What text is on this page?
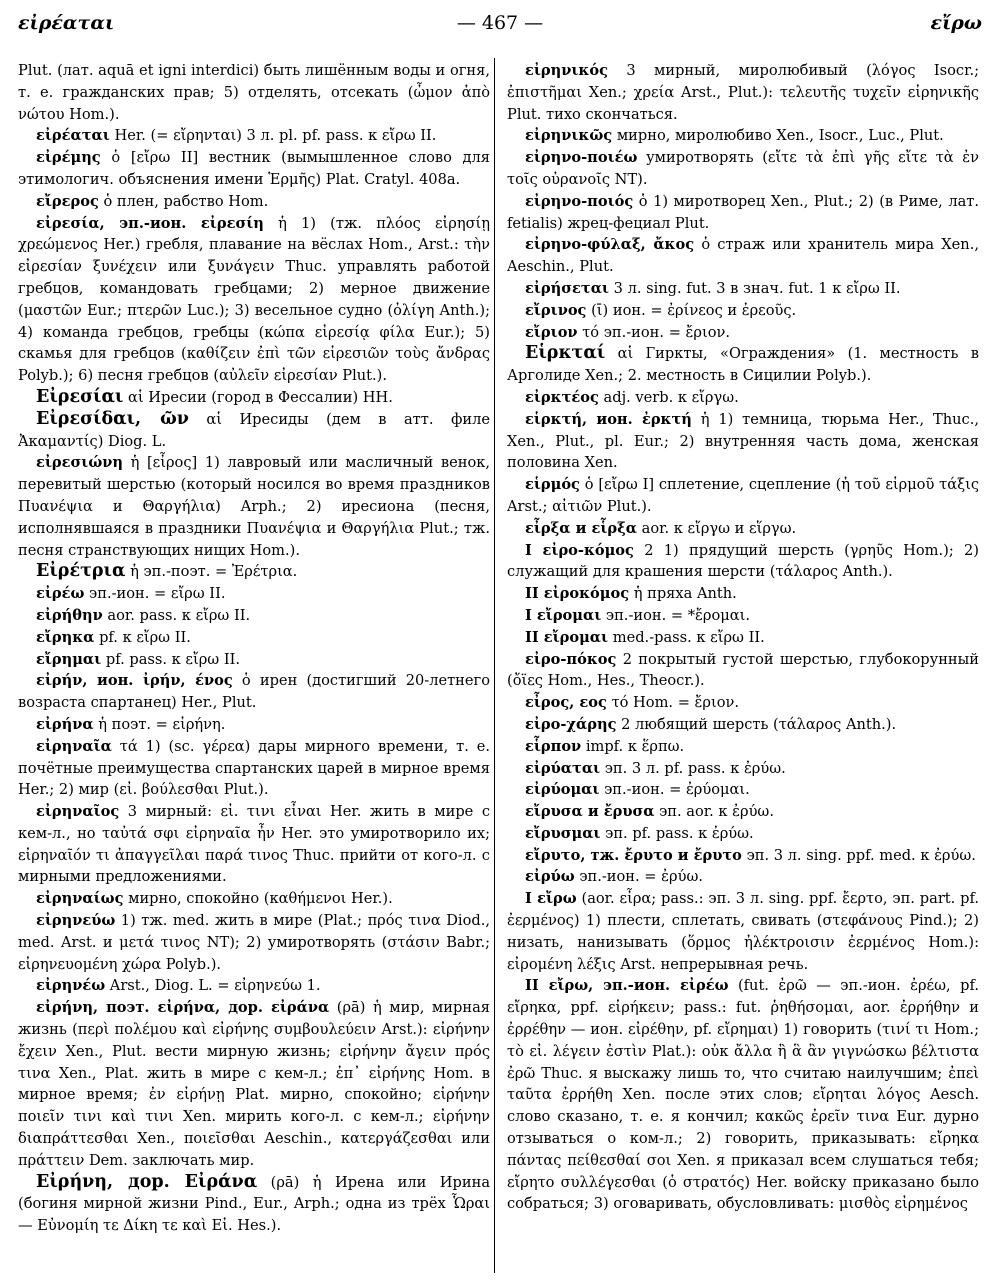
εἰρέαται	— 467 —	εἴρω

Plut. (лат. aquā et igni interdici) быть лишённым воды и огня, т. е. гражданских прав; 5) отделять, отсекать (ὦμον ἀπὸ νώτου Hom.).

εἰρέαται Her. (= εἴρηνται) 3 л. pl. pf. pass. к εἴρω II.

εἰρέμης ὁ [εἴρω II] вестник (вымышленное слово для этимологич. объяснения имени Ἑρμῆς) Plat. Cratyl. 408a.

εἴρερος ὁ плен, рабство Hom.

εἰρεσία, эп.-ион. εἰρεσίη ἡ 1) (тж. πλόος εἰρησίῃ χρεώμενος Her.) гребля, плавание на вёслах Hom., Arst.: τὴν εἰρεσίαν ξυνέχειν или ξυνάγειν Thuc. управлять работой гребцов, командовать гребцами; 2) мерное движение (μαστῶν Eur.; πτερῶν Luc.); 3) весельное судно (ὀλίγη Anth.); 4) команда гребцов, гребцы (κώπα εἰρεσίᾳ φίλα Eur.); 5) скамья для гребцов (καθίζειν ἐπὶ τῶν εἰρεσιῶν τοὺς ἄνδρας Polyb.); 6) песня гребцов (αὐλεῖν εἰρεσίαν Plut.).

Εἰρεσίαι αἱ Иресии (город в Фессалии) HH.

Εἰρεσίδαι, ῶν αἱ Иресиды (дем в атт. филе Ἀκαμαντίς) Diog. L.

εἰρεσιώνη ἡ [εἶρος] 1) лавровый или масличный венок, перевитый шерстью (который носился во время праздников Πυανέψια и Θαργήλια) Arph.; 2) иресиона (песня, исполнявшаяся в праздники Πυανέψια и Θαργήλια Plut.; тж. песня странствующих нищих Hom.).

Εἰρέτρια ἡ эп.-поэт. = Ἐρέτρια.

εἰρέω эп.-ион. = εἴρω II.

εἰρήθην aor. pass. к εἴρω II.

εἴρηκα pf. к εἴρω II.

εἴρημαι pf. pass. к εἴρω II.

εἰρήν, ион. ἰρήν, ένος ὁ ирен (достигший 20-летнего возраста спартанец) Her., Plut.

εἰρήνα ἡ поэт. = εἰρήνη.

εἰρηναῖα τά 1) (sc. γέρεα) дары мирного времени, т. е. почётные преимущества спартанских царей в мирное время Her.; 2) мир (εἰ. βούλεσθαι Plut.).

εἰρηναῖος 3 мирный: εἰ. τινι εἶναι Her. жить в мире с кем-л., но ταὐτά σφι εἰρηναῖα ἦν Her. это умиротворило их; εἰρηναῖόν τι ἀπαγγεῖλαι παρά τινος Thuc. прийти от кого-л. с мирными предложениями.

εἰρηναίως мирно, спокойно (καθήμενοι Her.).

εἰρηνεύω 1) тж. med. жить в мире (Plat.; πρός τινα Diod., med. Arst. и μετά τινος NT); 2) умиротворять (στάσιν Babr.; εἰρηνευομένη χώρα Polyb.).

εἰρηνέω Arst., Diog. L. = εἰρηνεύω 1.

εἰρήνη, поэт. εἰρήνα, дор. εἰράνα (ρā) ἡ мир, мирная жизнь (περὶ πολέμου καὶ εἰρήνης συμβουλεύειν Arst.): εἰρήνην ἔχειν Xen., Plut. вести мирную жизнь; εἰρήνην ἄγειν πρός τινα Xen., Plat. жить в мире с кем-л.; ἐπ᾽ εἰρήνης Hom. в мирное время; ἐν εἰρήνῃ Plat. мирно, спокойно; εἰρήνην ποιεῖν τινι καὶ τινι Xen. мирить кого-л. с кем-л.; εἰρήνην διαπράττεσθαι Xen., ποιεῖσθαι Aeschin., κατεργάζεσθαι или πράττειν Dem. заключать мир.

Εἰρήνη, дор. Εἰράνα (ρā) ἡ Ирена или Ирина (богиня мирной жизни Pind., Eur., Arph.; одна из трёх Ὧραι — Εὐνομίη τε Δίκη τε καὶ Εἰ. Hes.).

εἰρηνικός 3 мирный, миролюбивый (λόγος Isocr.; ἐπιστῆμαι Xen.; χρεία Arst., Plut.): τελευτῆς τυχεῖν εἰρηνικῆς Plut. тихо скончаться.

εἰρηνικῶς мирно, миролюбиво Xen., Isocr., Luc., Plut.

εἰρηνο-ποιέω умиротворять (εἴτε τὰ ἐπὶ γῆς εἴτε τὰ ἐν τοῖς οὐρανοῖς NT).

εἰρηνο-ποιός ὁ 1) миротворец Xen., Plut.; 2) (в Риме, лат. fetialis) жрец-фециал Plut.

εἰρηνο-φύλαξ, ἄκος ὁ страж или хранитель мира Xen., Aeschin., Plut.

εἰρήσεται 3 л. sing. fut. 3 в знач. fut. 1 к εἴρω II.

εἴρινος (ῑ) ион. = ἐρίνεος и ἐρεοῦς.

εἴριον τό эп.-ион. = ἔριον.

Εἱρκταί αἱ Гиркты, «Ограждения» (1. местность в Арголиде Xen.; 2. местность в Сицилии Polyb.).

εἰρκτέος adj. verb. к εἴργω.

εἱρκτή, ион. ἐρκτή ἡ 1) темница, тюрьма Her., Thuc., Xen., Plut., pl. Eur.; 2) внутренняя часть дома, женская половина Xen.

εἱρμός ὁ [εἴρω I] сплетение, сцепление (ἡ τοῦ εἱρμοῦ τάξις Arst.; αἰτιῶν Plut.).

εἶρξα и εἷρξα aor. к εἴργω и εἵργω.

I εἰρο-κόμος 2 1) прядущий шерсть (γρηῦς Hom.); 2) служащий для крашения шерсти (τάλαρος Anth.).

II εἰροκόμος ἡ пряха Anth.

I εἴρομαι эп.-ион. = *ἔρομαι.

II εἴρομαι med.-pass. к εἴρω II.

εἰρο-πόκος 2 покрытый густой шерстью, глубокорунный (ὄϊες Hom., Hes., Theocr.).

εἶρος, εος τό Hom. = ἔριον.

εἰρο-χάρης 2 любящий шерсть (τάλαρος Anth.).

εἷρπον impf. к ἕρπω.

εἰρύαται эп. 3 л. pf. pass. к ἐρύω.

εἰρύομαι эп.-ион. = ἐρύομαι.

εἴρυσα и ἔρυσα эп. aor. к ἐρύω.

εἴρυσμαι эп. pf. pass. к ἐρύω.

εἴρυτο, тж. ἔρυτο и ἔρυτο эп. 3 л. sing. ppf. med. к ἐρύω.

εἰρύω эп.-ион. = ἐρύω.

I εἴρω (aor. εἶρα; pass.: эп. 3 л. sing. ppf. ἔερτο, эп. part. pf. ἐερμένος) 1) плести, сплетать, свивать (στεφάνους Pind.); 2) низать, нанизывать (ὅρμος ἠλέκτροισιν ἐερμένος Hom.): εἰρομένη λέξις Arst. непрерывная речь.

II εἴρω, эп.-ион. εἰρέω (fut. ἐρῶ — эп.-ион. ἐρέω, pf. εἴρηκα, ppf. εἰρήκειν; pass.: fut. ῥηθήσομαι, aor. ἐρρήθην и ἐρρέθην — ион. εἰρέθην, pf. εἴρημαι) 1) говорить (τινί τι Hom.; τὸ εἰ. λέγειν ἐστὶν Plat.): οὐκ ἄλλα ἢ ἃ ἂν γιγνώσκω βέλτιστα ἐρῶ Thuc. я выскажу лишь то, что считаю наилучшим; ἐπεὶ ταῦτα ἐρρήθη Xen. после этих слов; εἴρηται λόγος Aesch. слово сказано, т. е. я кончил; κακῶς ἐρεῖν τινα Eur. дурно отзываться о ком-л.; 2) говорить, приказывать: εἴρηκα πάντας πείθεσθαί σοι Xen. я приказал всем слушаться тебя; εἴρητο συλλέγεσθαι (ὁ στρατός) Her. войску приказано было собраться; 3) оговаривать, обусловливать: μισθὸς εἰρημένος
